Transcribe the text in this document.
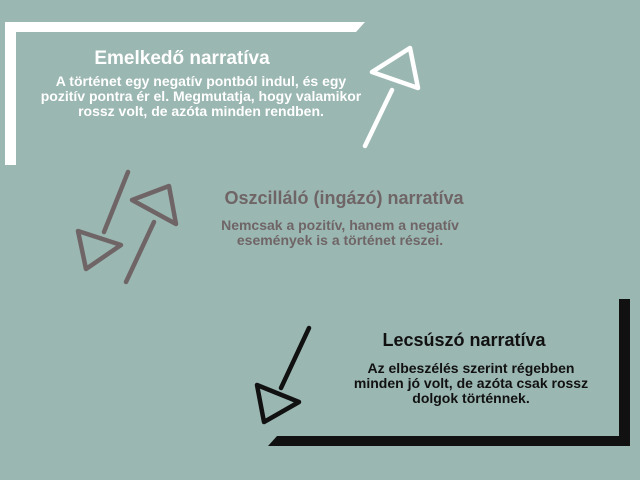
Emelkedő narratíva

A történet egy negatív pontból indul, és egy pozitív pontra ér el. Megmutatja, hogy valamikor rossz volt, de azóta minden rendben.

Oszcilláló (ingázó) narratíva

Nemcsak a pozitív, hanem a negatív események is a történet részei.

Lecsúszó narratíva

Az elbeszélés szerint régebben minden jó volt, de azóta csak rossz dolgok történnek.
